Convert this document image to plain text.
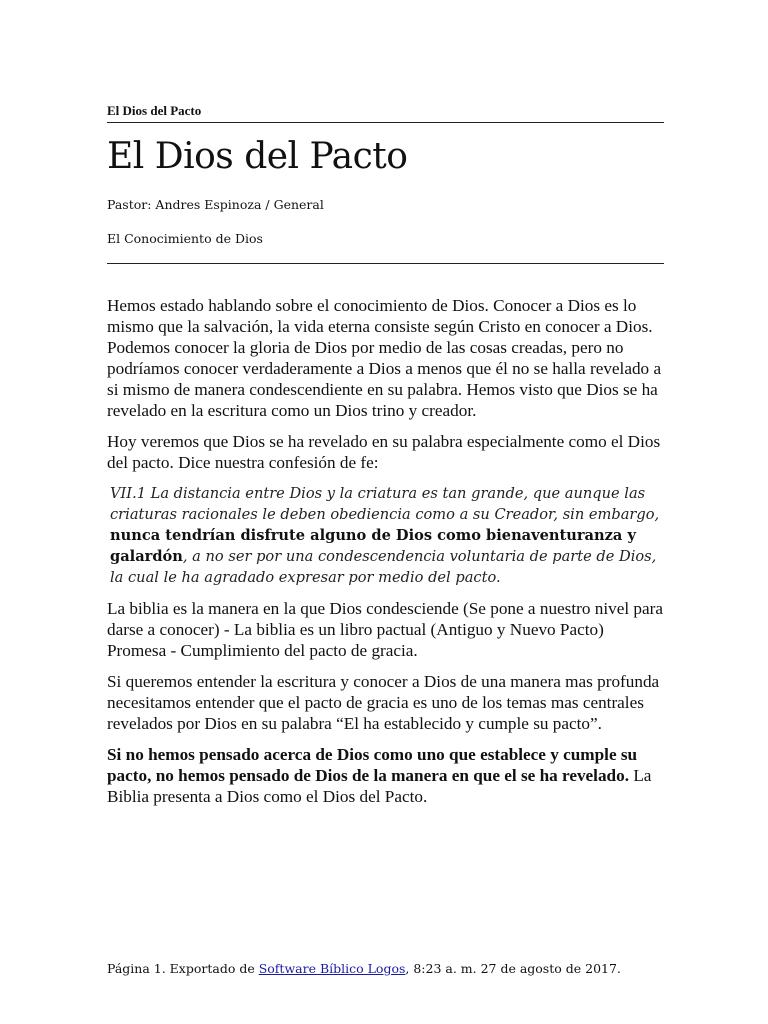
El Dios del Pacto
El Dios del Pacto
Pastor: Andres Espinoza / General
El Conocimiento de Dios

Hemos estado hablando sobre el conocimiento de Dios. Conocer a Dios es lo mismo que la salvación, la vida eterna consiste según Cristo en conocer a Dios. Podemos conocer la gloria de Dios por medio de las cosas creadas, pero no podríamos conocer verdaderamente a Dios a menos que él no se halla revelado a si mismo de manera condescendiente en su palabra. Hemos visto que Dios se ha revelado en la escritura como un Dios trino y creador.

Hoy veremos que Dios se ha revelado en su palabra especialmente como el Dios del pacto. Dice nuestra confesión de fe:

VII.1 La distancia entre Dios y la criatura es tan grande, que aunque las criaturas racionales le deben obediencia como a su Creador, sin embargo, nunca tendrían disfrute alguno de Dios como bienaventuranza y galardón, a no ser por una condescendencia voluntaria de parte de Dios, la cual le ha agradado expresar por medio del pacto.

La biblia es la manera en la que Dios condesciende (Se pone a nuestro nivel para darse a conocer) - La biblia es un libro pactual (Antiguo y Nuevo Pacto) Promesa - Cumplimiento del pacto de gracia.

Si queremos entender la escritura y conocer a Dios de una manera mas profunda necesitamos entender que el pacto de gracia es uno de los temas mas centrales revelados por Dios en su palabra “El ha establecido y cumple su pacto”.

Si no hemos pensado acerca de Dios como uno que establece y cumple su pacto, no hemos pensado de Dios de la manera en que el se ha revelado. La Biblia presenta a Dios como el Dios del Pacto.

Página 1. Exportado de Software Bíblico Logos, 8:23 a. m. 27 de agosto de 2017.
